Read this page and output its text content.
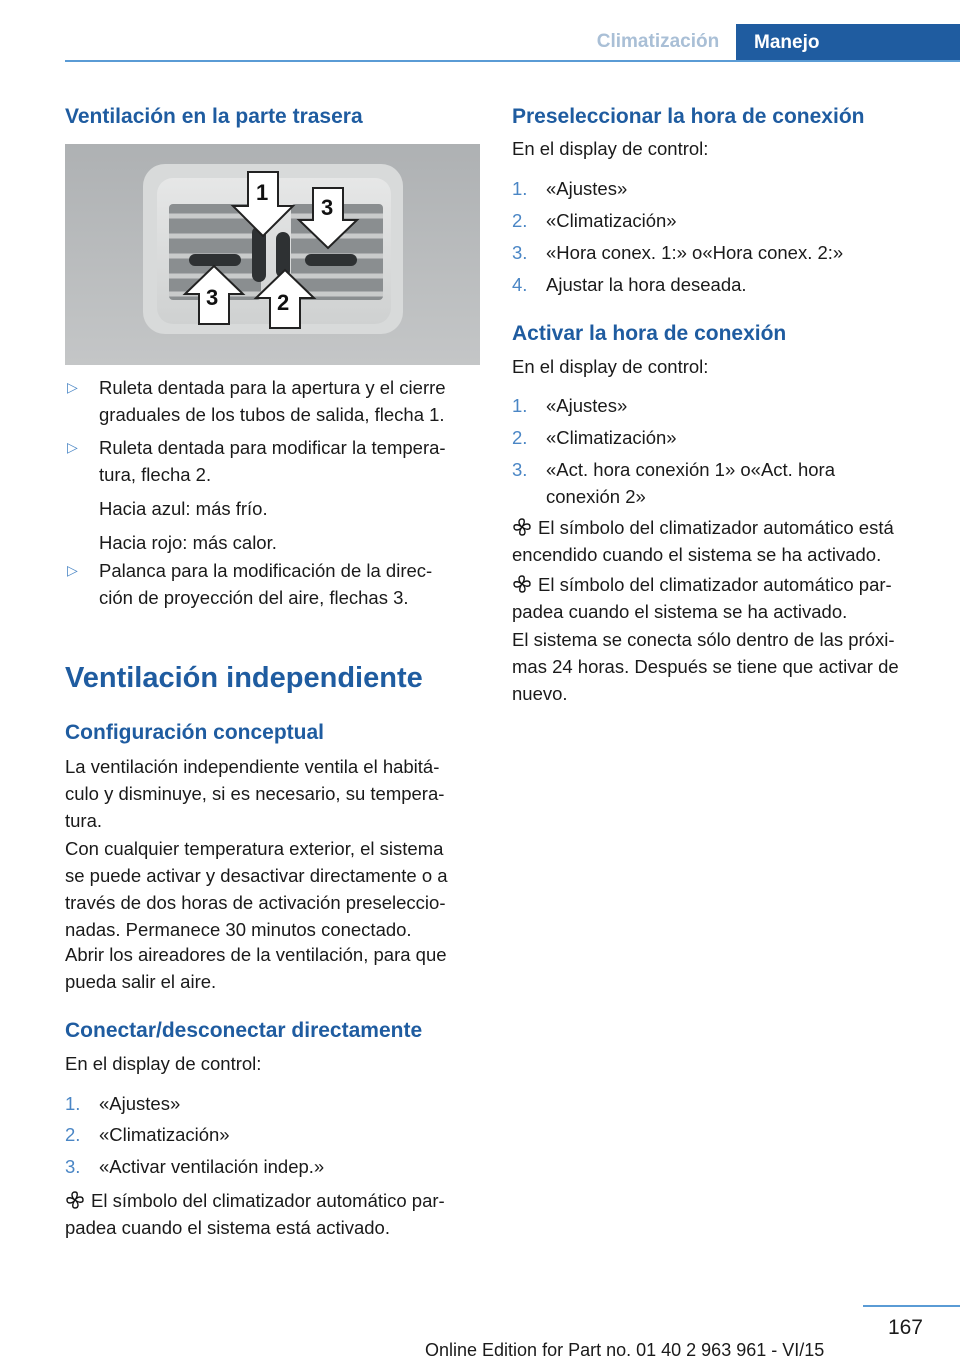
Climatización	Manejo
Ventilación en la parte trasera
1
3
3	2
▷ Ruleta dentada para la apertura y el cierre
graduales de los tubos de salida, flecha 1.
▷ Ruleta dentada para modificar la tempera-
tura, flecha 2.
Hacia azul: más frío.
Hacia rojo: más calor.
▷ Palanca para la modificación de la direc-
ción de proyección del aire, flechas 3.
Ventilación independiente
Configuración conceptual
La ventilación independiente ventila el habitá-
culo y disminuye, si es necesario, su tempera-
tura.
Con cualquier temperatura exterior, el sistema
se puede activar y desactivar directamente o a
través de dos horas de activación preseleccio-
nadas. Permanece 30 minutos conectado.
Abrir los aireadores de la ventilación, para que
pueda salir el aire.
Conectar/desconectar directamente
En el display de control:
1. «Ajustes»
2. «Climatización»
3. «Activar ventilación indep.»
El símbolo del climatizador automático par-
padea cuando el sistema está activado.
Preseleccionar la hora de conexión
En el display de control:
1. «Ajustes»
2. «Climatización»
3. «Hora conex. 1:» o«Hora conex. 2:»
4. Ajustar la hora deseada.
Activar la hora de conexión
En el display de control:
1. «Ajustes»
2. «Climatización»
3. «Act. hora conexión 1» o«Act. hora
conexión 2»
El símbolo del climatizador automático está
encendido cuando el sistema se ha activado.
El símbolo del climatizador automático par-
padea cuando el sistema se ha activado.
El sistema se conecta sólo dentro de las próxi-
mas 24 horas. Después se tiene que activar de
nuevo.
167
Online Edition for Part no. 01 40 2 963 961 - VI/15
